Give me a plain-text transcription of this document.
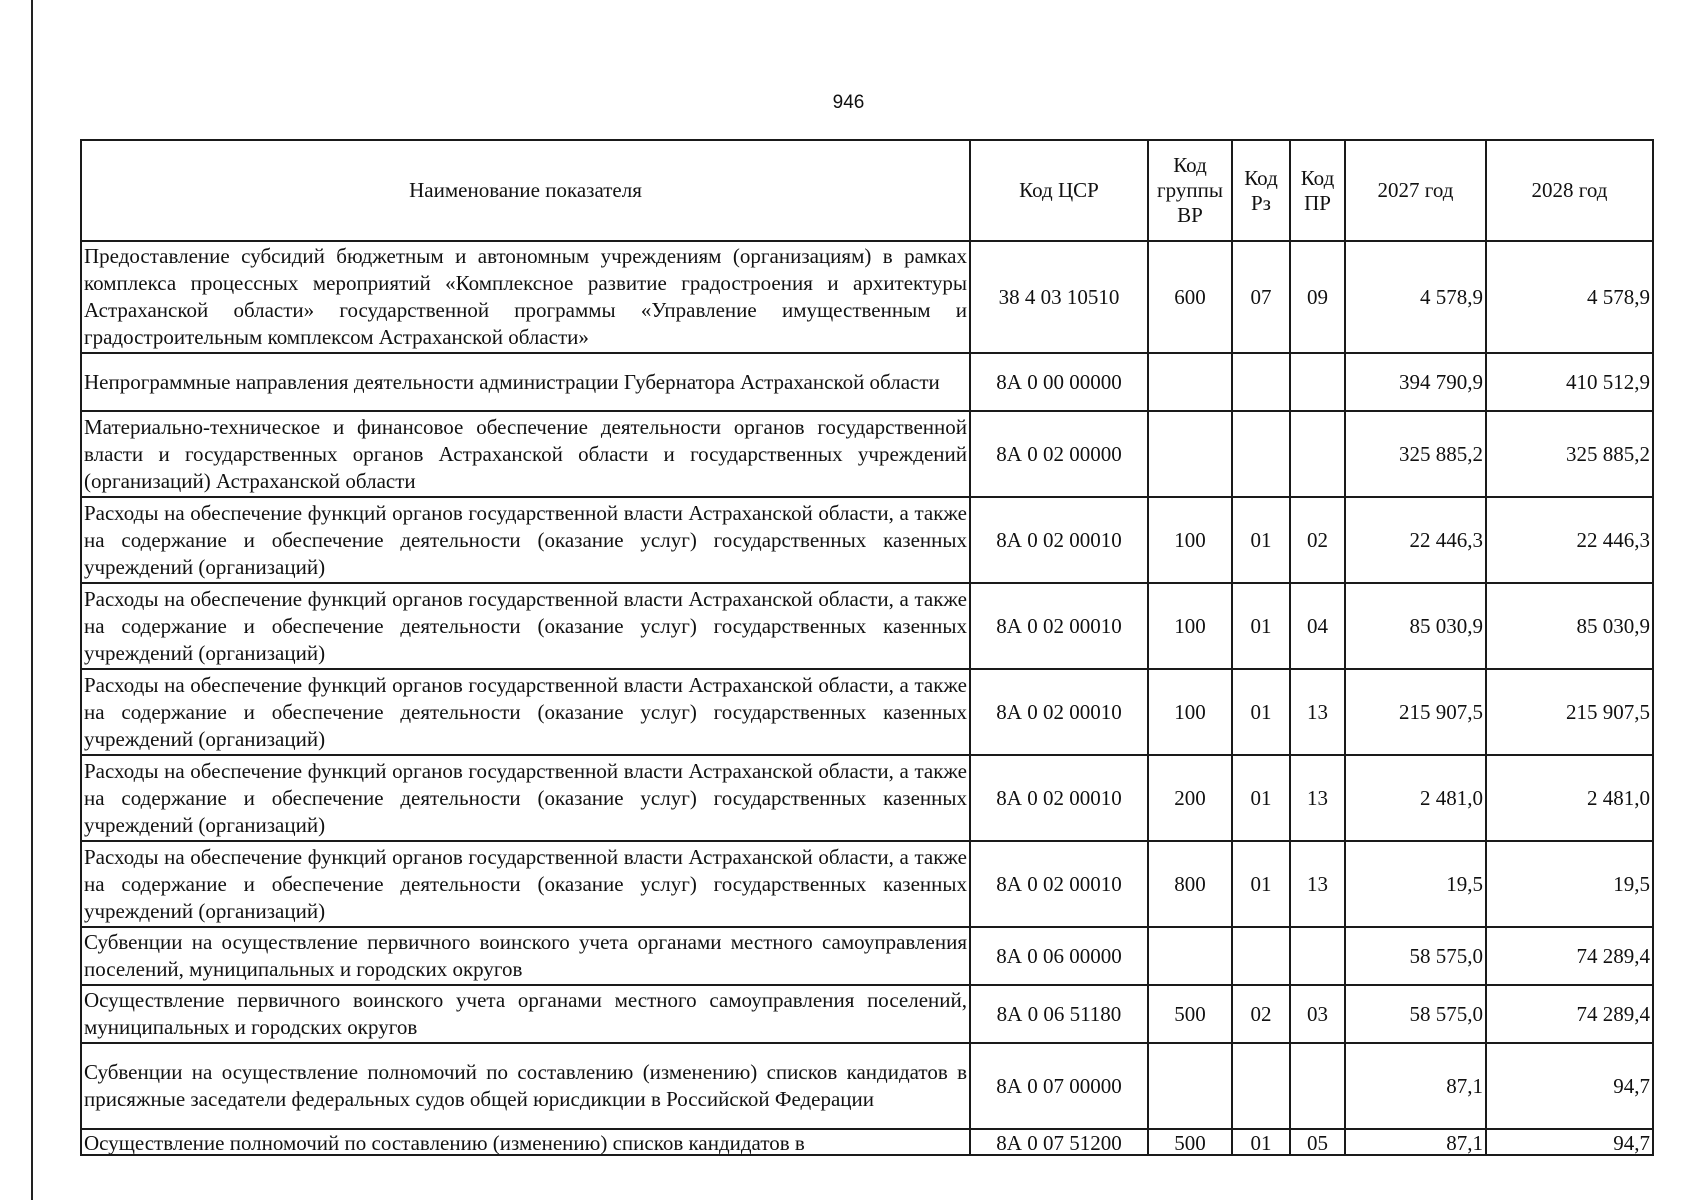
946
Наименование показателя	Код ЦСР	Код группы ВР	Код Рз	Код ПР	2027 год	2028 год
Предоставление субсидий бюджетным и автономным учреждениям (организациям) в рамках комплекса процессных мероприятий «Комплексное развитие градостроения и архитектуры Астраханской области» государственной программы «Управление имущественным и градостроительным комплексом Астраханской области»	38 4 03 10510	600	07	09	4 578,9	4 578,9
Непрограммные направления деятельности администрации Губернатора Астраханской области	8А 0 00 00000				394 790,9	410 512,9
Материально-техническое и финансовое обеспечение деятельности органов государственной власти и государственных органов Астраханской области и государственных учреждений (организаций) Астраханской области	8А 0 02 00000				325 885,2	325 885,2
Расходы на обеспечение функций органов государственной власти Астраханской области, а также на содержание и обеспечение деятельности (оказание услуг) государственных казенных учреждений (организаций)	8А 0 02 00010	100	01	02	22 446,3	22 446,3
Расходы на обеспечение функций органов государственной власти Астраханской области, а также на содержание и обеспечение деятельности (оказание услуг) государственных казенных учреждений (организаций)	8А 0 02 00010	100	01	04	85 030,9	85 030,9
Расходы на обеспечение функций органов государственной власти Астраханской области, а также на содержание и обеспечение деятельности (оказание услуг) государственных казенных учреждений (организаций)	8А 0 02 00010	100	01	13	215 907,5	215 907,5
Расходы на обеспечение функций органов государственной власти Астраханской области, а также на содержание и обеспечение деятельности (оказание услуг) государственных казенных учреждений (организаций)	8А 0 02 00010	200	01	13	2 481,0	2 481,0
Расходы на обеспечение функций органов государственной власти Астраханской области, а также на содержание и обеспечение деятельности (оказание услуг) государственных казенных учреждений (организаций)	8А 0 02 00010	800	01	13	19,5	19,5
Субвенции на осуществление первичного воинского учета органами местного самоуправления поселений, муниципальных и городских округов	8А 0 06 00000				58 575,0	74 289,4
Осуществление первичного воинского учета органами местного самоуправления поселений, муниципальных и городских округов	8А 0 06 51180	500	02	03	58 575,0	74 289,4
Субвенции на осуществление полномочий по составлению (изменению) списков кандидатов в присяжные заседатели федеральных судов общей юрисдикции в Российской Федерации	8А 0 07 00000				87,1	94,7

Осуществление полномочий по составлению (изменению) списков кандидатов в	8А 0 07 51200	500	01	05	87,1	94,7
